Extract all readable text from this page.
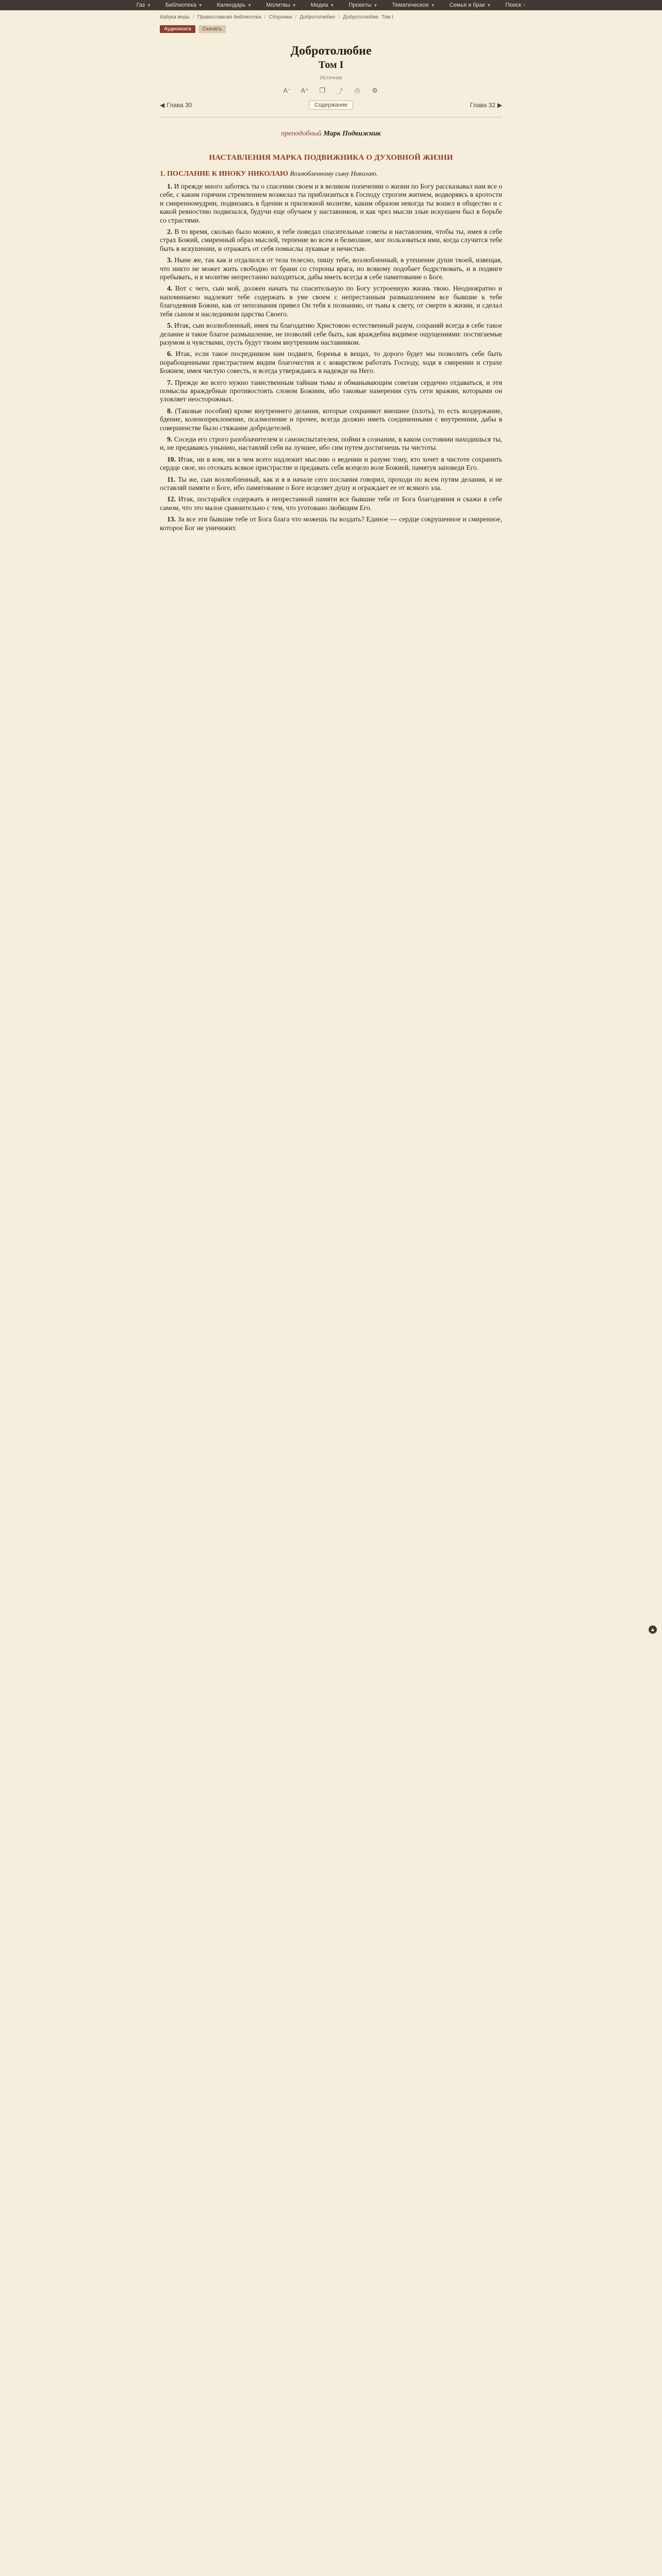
Газ ▼	Библиотека ▼	Календарь ▼	Молитвы ▼	Медиа ▼	Проекты ▼	Тематическое ▼	Семья и брак ▼	Поиск ⌕
Азбука веры / Православная библиотека / Сборники / Добротолюбие / Добротолюбие. Том I
Аудиокнига	Скачать
Добротолюбие
Том I
Источник
A⁻ A⁺ ❐ ⤴ ⎙ ⚙
◀ Глава 30	Содержание	Глава 32 ▶
преподобный Марк Подвижник
НАСТАВЛЕНИЯ МАРКА ПОДВИЖНИКА О ДУХОВНОЙ ЖИЗНИ
1. ПОСЛАНИЕ К ИНОКУ НИКОЛАЮ Возлюбленному сыну Николаю.

1. И прежде много заботясь ты о спасении своем и в великом попечении о жизни по Богу рассказывал нам все о себе, с каким горячим стремлением возжелал ты приблизиться к Господу строгим житием, водворяясь в кротости и смиренномудрии, подвизаясь в бдении и прилежной молитве, каким образом некогда ты вошел в общество и с какой ревностию подвизался, будучи еще обучаем у наставников, и как чрез мысли злые искушаем был в борьбе со страстями.

2. В то время, сколько было можно, я тебе поведал спасительные советы и наставления, чтобы ты, имея в себе страх Божий, смиренный образ мыслей, терпение во всем и безмолвие, мог пользоваться ими, когда случится тебе быть в искушении, и отражать от себя помыслы лукавые и нечистые.

3. Ныне же, так как и отдалился от тела телесно, пишу тебе, возлюбленный, в утешение души твоей, извещая, что никто не может жить свободно от брани со стороны врага, но всякому подобает бодрствовать, и в подвиге пребывать, и в молитве непрестанно находиться, дабы иметь всегда в себе памятование о Боге.

4. Вот с чего, сын мой, должен начать ты спасительную по Богу устроенную жизнь твою. Неоднократно и напоминаемо надлежит тебе содержать в уме своем с непрестанным размышлением все бывшие к тебе благодеяния Божии, как от непознания привел Он тебя к познанию, от тьмы к свету, от смерти к жизни, и сделал тебя сыном и наследником царства Своего.

5. Итак, сын возлюбленный, имея ты благодатию Христовою естественный разум, сохраняй всегда в себе такое делание и такое благое размышление, не позволяй себе быть, как враждебна видимое ощущениями: постигаемые разумом и чувствами, пусть будут твоим внутренним наставником.

6. Итак, если такое посредником нам подвиги, боренья в вещах, то дорого будет мы позволить себе быть порабощенными пристрастием видим благочестия и с коварством работать Господу, ходя в смирении и страхе Божием, имея чистую совесть, и всегда утверждаясь в надежде на Него.

7. Прежде же всего нужно таинственным тайнам тьмы и обманывающим советам сердечно отдаваться, и эти помыслы враждебные противостоять словом Божиим, ибо таковые намерения суть сети вражии, которыми он уловляет неосторожных.

8. (Таковые пособия) кроме внутреннего делания, которые сохраняют внешнее (плоть), то есть воздержание, бдение, коленопреклонение, псалмопение и прочее, всегда должно иметь соединенными с внутренним, дабы в совершенстве было стяжание добродетелей.

9. Соседи его строго разоблачителем и самоиспытателем, пойми в сознании, в каком состоянии находишься ты, и, не предаваясь унынию, наставляй себя на лучшее, ибо сим путем достигнешь ты чистоты.

10. Итак, ни в ком, ни в чем всего надлежит мыслию о ведении и разуме тому, кто хочет в чистоте сохранить сердце свое, но отсекать всякое пристрастие и предавать себя всецело воле Божией, памятуя заповеди Его.

11. Ты же, сын возлюбленный, как и я в начале сего послания говорил, проходи по всем путям делания, и не оставляй памяти о Боге, ибо памятование о Боге исцеляет душу и ограждает ее от всякого зла.

12. Итак, постарайся содержать в непрестанной памяти все бывшие тебе от Бога благодеяния и скажи в себе самом, что это малое сравнительно с тем, что уготовано любящим Его.

13. За все эти бывшие тебе от Бога блага что можешь ты воздать? Единое — сердце сокрушенное и смиренное, которое Бог не уничижит.

▲
